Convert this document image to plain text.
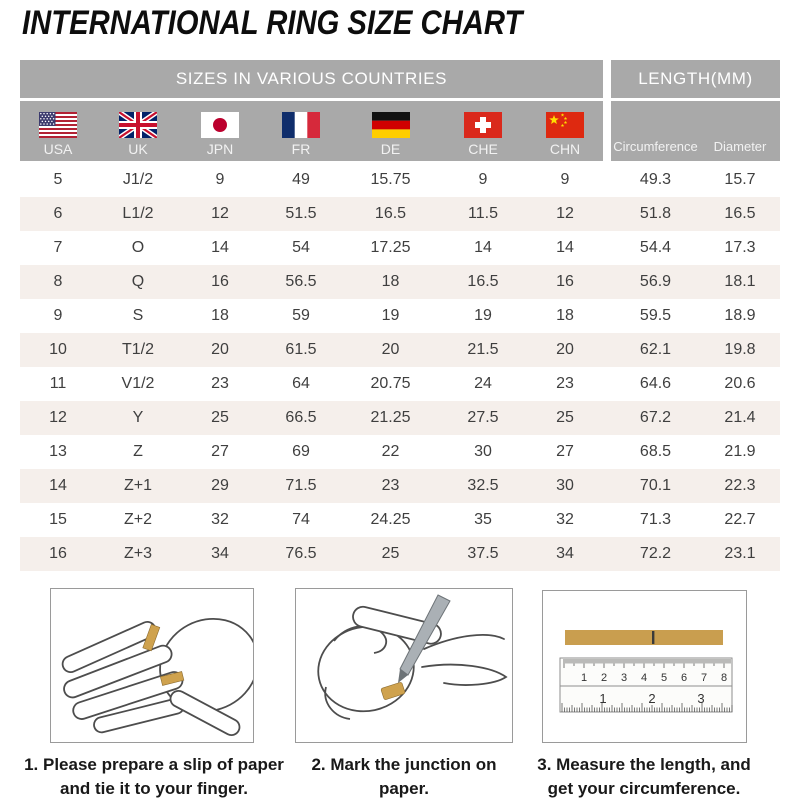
INTERNATIONAL RING SIZE CHART
SIZES IN VARIOUS COUNTRIES	LENGTH(MM)
USA	UK	JPN	FR	DE	CHE	CHN	Circumference	Diameter
5	J1/2	9	49	15.75	9	9	49.3	15.7
6	L1/2	12	51.5	16.5	11.5	12	51.8	16.5
7	O	14	54	17.25	14	14	54.4	17.3
8	Q	16	56.5	18	16.5	16	56.9	18.1
9	S	18	59	19	19	18	59.5	18.9
10	T1/2	20	61.5	20	21.5	20	62.1	19.8
11	V1/2	23	64	20.75	24	23	64.6	20.6
12	Y	25	66.5	21.25	27.5	25	67.2	21.4
13	Z	27	69	22	30	27	68.5	21.9
14	Z+1	29	71.5	23	32.5	30	70.1	22.3
15	Z+2	32	74	24.25	35	32	71.3	22.7
16	Z+3	34	76.5	25	37.5	34	72.2	23.1
1 2 3 4 5 6 7 8
1	2	3
1. Please prepare a slip of paper
and tie it to your finger.
2. Mark the junction on paper.
3. Measure the length, and
get your circumference.
